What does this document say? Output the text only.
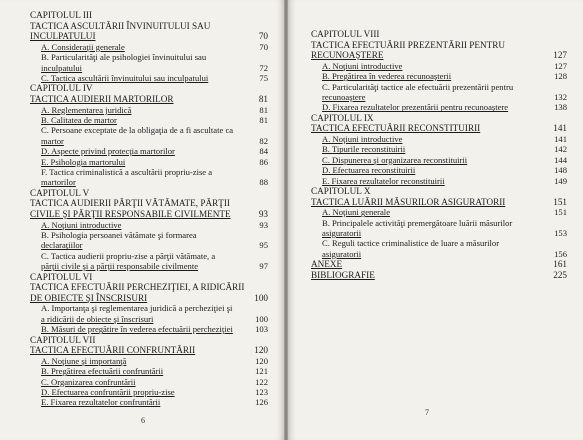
CAPITOLUL III
TACTICA ASCULTĂRII ÎNVINUITULUI SAU
INCULPATULUI	70
A. Consideraţii generale	70
B. Particularităţi ale psihologiei învinuitului sau
inculpatului	72
C. Tactica ascultării învinuitului sau inculpatului	75
CAPITOLUL IV
TACTICA AUDIERII MARTORILOR	81
A. Reglementarea juridică	81
B. Calitatea de martor	81
C. Persoane exceptate de la obligaţia de a fi ascultate ca
martor	82
D. Aspecte privind protecţia martorilor	84
E. Psihologia martorului	86
F. Tactica criminalistică a ascultării propriu-zise a
martorilor	88
CAPITOLUL V
TACTICA AUDIERII PĂRŢII VĂTĂMATE, PĂRŢII
CIVILE ŞI PĂRŢII RESPONSABILE CIVILMENTE	93
A. Noţiuni introductive	93
B. Psihologia persoanei vătămate şi formarea
declaraţiilor	95
C. Tactica audierii propriu-zise a părţii vătămate, a
părţii civile şi a părţii responsabile civilmente	97
CAPITOLUL VI
TACTICA EFECTUĂRII PERCHEZIŢIEI, A RIDICĂRII
DE OBIECTE ŞI ÎNSCRISURI	100
A. Importanţa şi reglementarea juridică a percheziţiei şi
a ridicării de obiecte şi înscrisuri	100
B. Măsuri de pregătire în vederea efectuării percheziţiei	103
CAPITOLUL VII
TACTICA EFECTUĂRII CONFRUNTĂRII	120
A. Noţiune şi importanţă	120
B. Pregătirea efectuării confruntării	121
C. Organizarea confruntării	122
D. Efectuarea confruntării propriu-zise	123
E. Fixarea rezultatelor confruntării	126
6
CAPITOLUL VIII
TACTICA EFECTUĂRII PREZENTĂRII PENTRU
RECUNOAŞTERE	127
A. Noţiuni introductive	127
B. Pregătirea în vederea recunoaşterii	128
C. Particularităţi tactice ale efectuării prezentării pentru
recunoaştere	132
D. Fixarea rezultatelor prezentării pentru recunoaştere	138
CAPITOLUL IX
TACTICA EFECTUĂRII RECONSTITUIRII	141
A. Noţiuni introductive	141
B. Tipurile reconstituirii	142
C. Dispunerea şi organizarea reconstituirii	144
D. Efectuarea reconstituirii	148
E. Fixarea rezultatelor reconstituirii	149
CAPITOLUL X
TACTICA LUĂRII MĂSURILOR ASIGURATORII	151
A. Noţiuni generale	151
B. Principalele activităţi premergătoare luării măsurilor
asiguratorii	153
C. Reguli tactice criminalistice de luare a măsurilor
asiguratorii	156
ANEXE	161
BIBLIOGRAFIE	225
7
